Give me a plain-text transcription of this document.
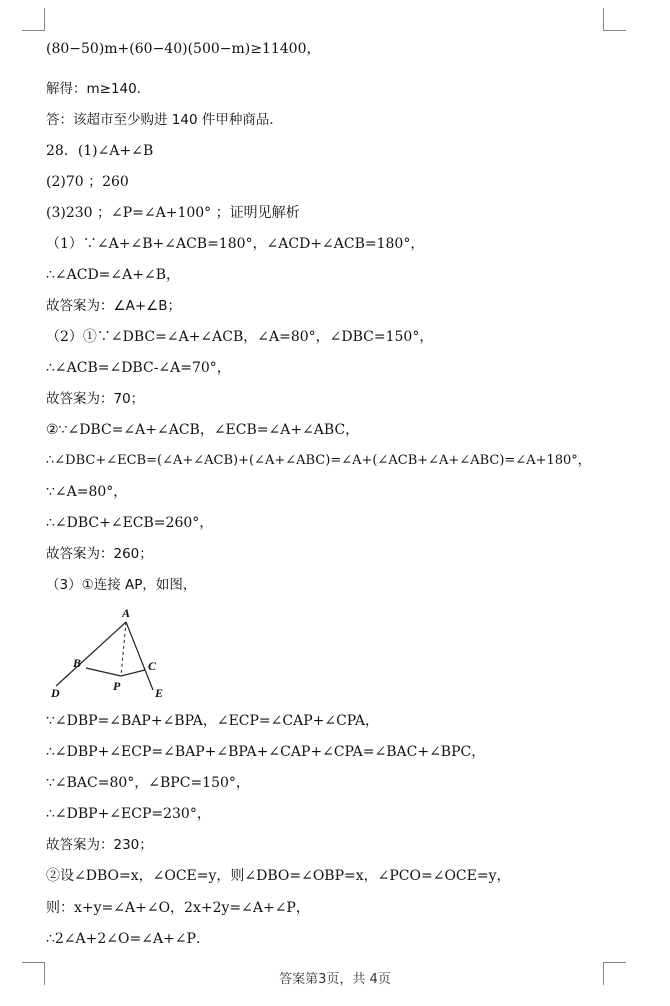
(80−50)m+(60−40)(500−m)≥11400，
解得：m≥140．
答：该超市至少购进 140 件甲种商品．
28．(1)∠A+∠B
(2)70 ；260
(3)230 ；∠P=∠A+100° ；证明见解析
（1）∵∠A+∠B+∠ACB=180°，∠ACD+∠ACB=180°，
∴∠ACD=∠A+∠B，
故答案为：∠A+∠B；
（2）①∵∠DBC=∠A+∠ACB，∠A=80°，∠DBC=150°，
∴∠ACB=∠DBC-∠A=70°，
故答案为：70；
②∵∠DBC=∠A+∠ACB，∠ECB=∠A+∠ABC，
∴∠DBC+∠ECB=(∠A+∠ACB)+(∠A+∠ABC)=∠A+(∠ACB+∠A+∠ABC)=∠A+180°，
∵∠A=80°，
∴∠DBC+∠ECB=260°，
故答案为：260；
（3）①连接 AP，如图，
A
B	C
P
D	E
∵∠DBP=∠BAP+∠BPA，∠ECP=∠CAP+∠CPA，
∴∠DBP+∠ECP=∠BAP+∠BPA+∠CAP+∠CPA=∠BAC+∠BPC，
∵∠BAC=80°，∠BPC=150°，
∴∠DBP+∠ECP=230°，
故答案为：230；
②设∠DBO=x，∠OCE=y，则∠DBO=∠OBP=x，∠PCO=∠OCE=y，
则：x+y=∠A+∠O，2x+2y=∠A+∠P，
∴2∠A+2∠O=∠A+∠P．
答案第3页，共 4页
